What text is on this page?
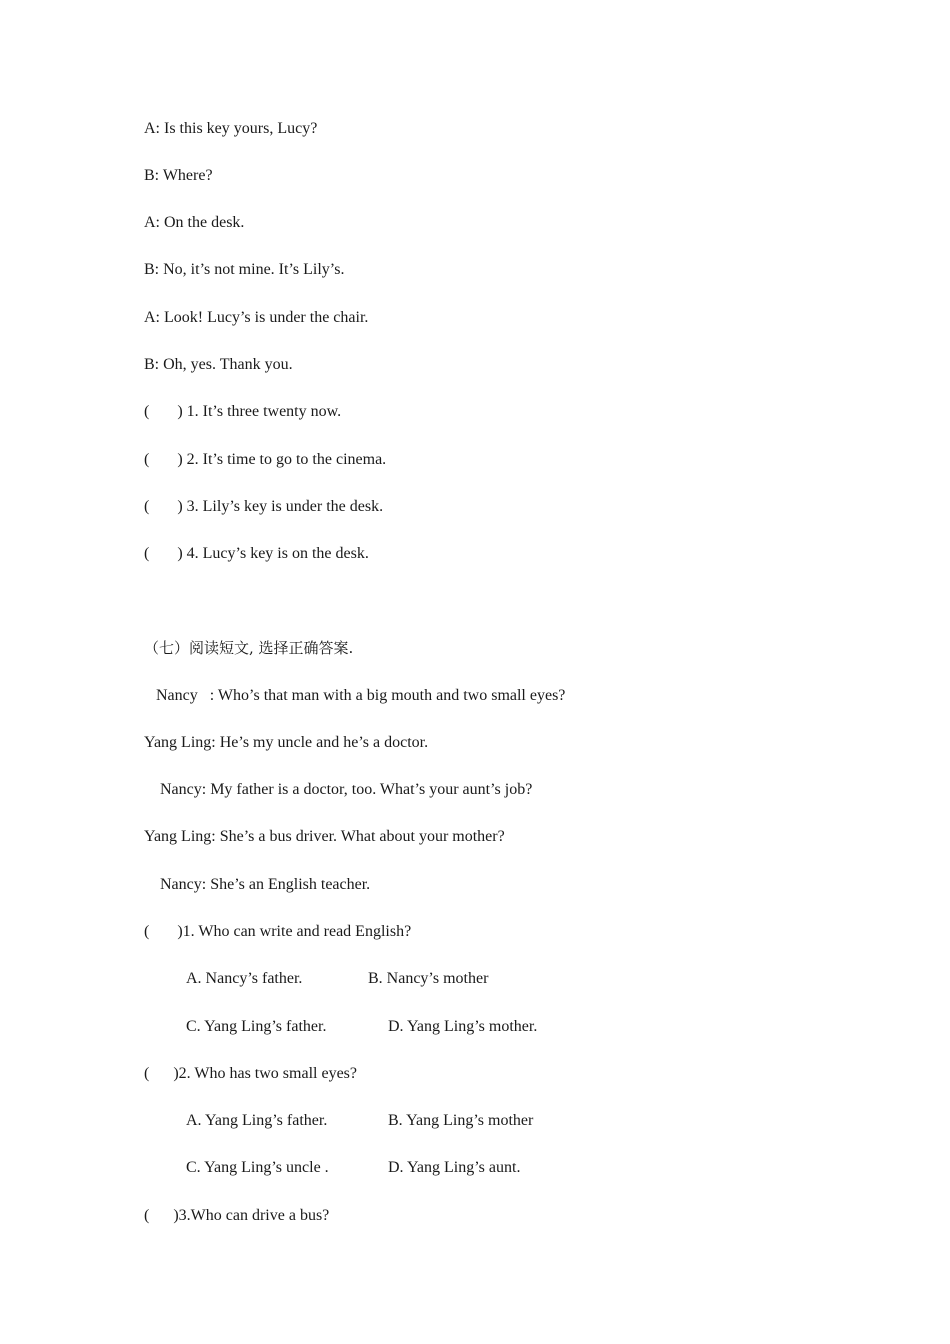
A: Is this key yours, Lucy?
B: Where?
A: On the desk.
B: No, it’s not mine. It’s Lily’s.
A: Look! Lucy’s is under the chair.
B: Oh, yes. Thank you.
(       ) 1. It’s three twenty now.
(       ) 2. It’s time to go to the cinema.
(       ) 3. Lily’s key is under the desk.
(       ) 4. Lucy’s key is on the desk.
（七）阅读短文, 选择正确答案.
Nancy   : Who’s that man with a big mouth and two small eyes?
Yang Ling: He’s my uncle and he’s a doctor.
Nancy: My father is a doctor, too. What’s your aunt’s job?
Yang Ling: She’s a bus driver. What about your mother?
Nancy: She’s an English teacher.
(       )1. Who can write and read English?
A. Nancy’s father.	B. Nancy’s mother
C. Yang Ling’s father.	D. Yang Ling’s mother.
(      )2. Who has two small eyes?
A. Yang Ling’s father.	B. Yang Ling’s mother
C. Yang Ling’s uncle .	D. Yang Ling’s aunt.
(      )3.Who can drive a bus?
